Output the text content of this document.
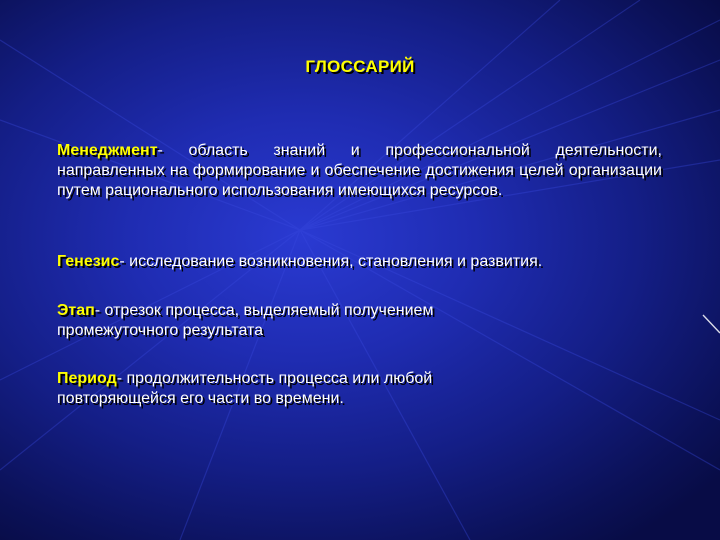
ГЛОССАРИЙ
Менеджмент- область знаний и профессиональной деятельности, направленных на формирование и обеспечение достижения целей организации путем рационального использования имеющихся ресурсов.
Генезис- исследование возникновения, становления и развития.
Этап- отрезок процесса, выделяемый получением промежуточного результата
Период- продолжительность процесса или любой повторяющейся его части во времени.
